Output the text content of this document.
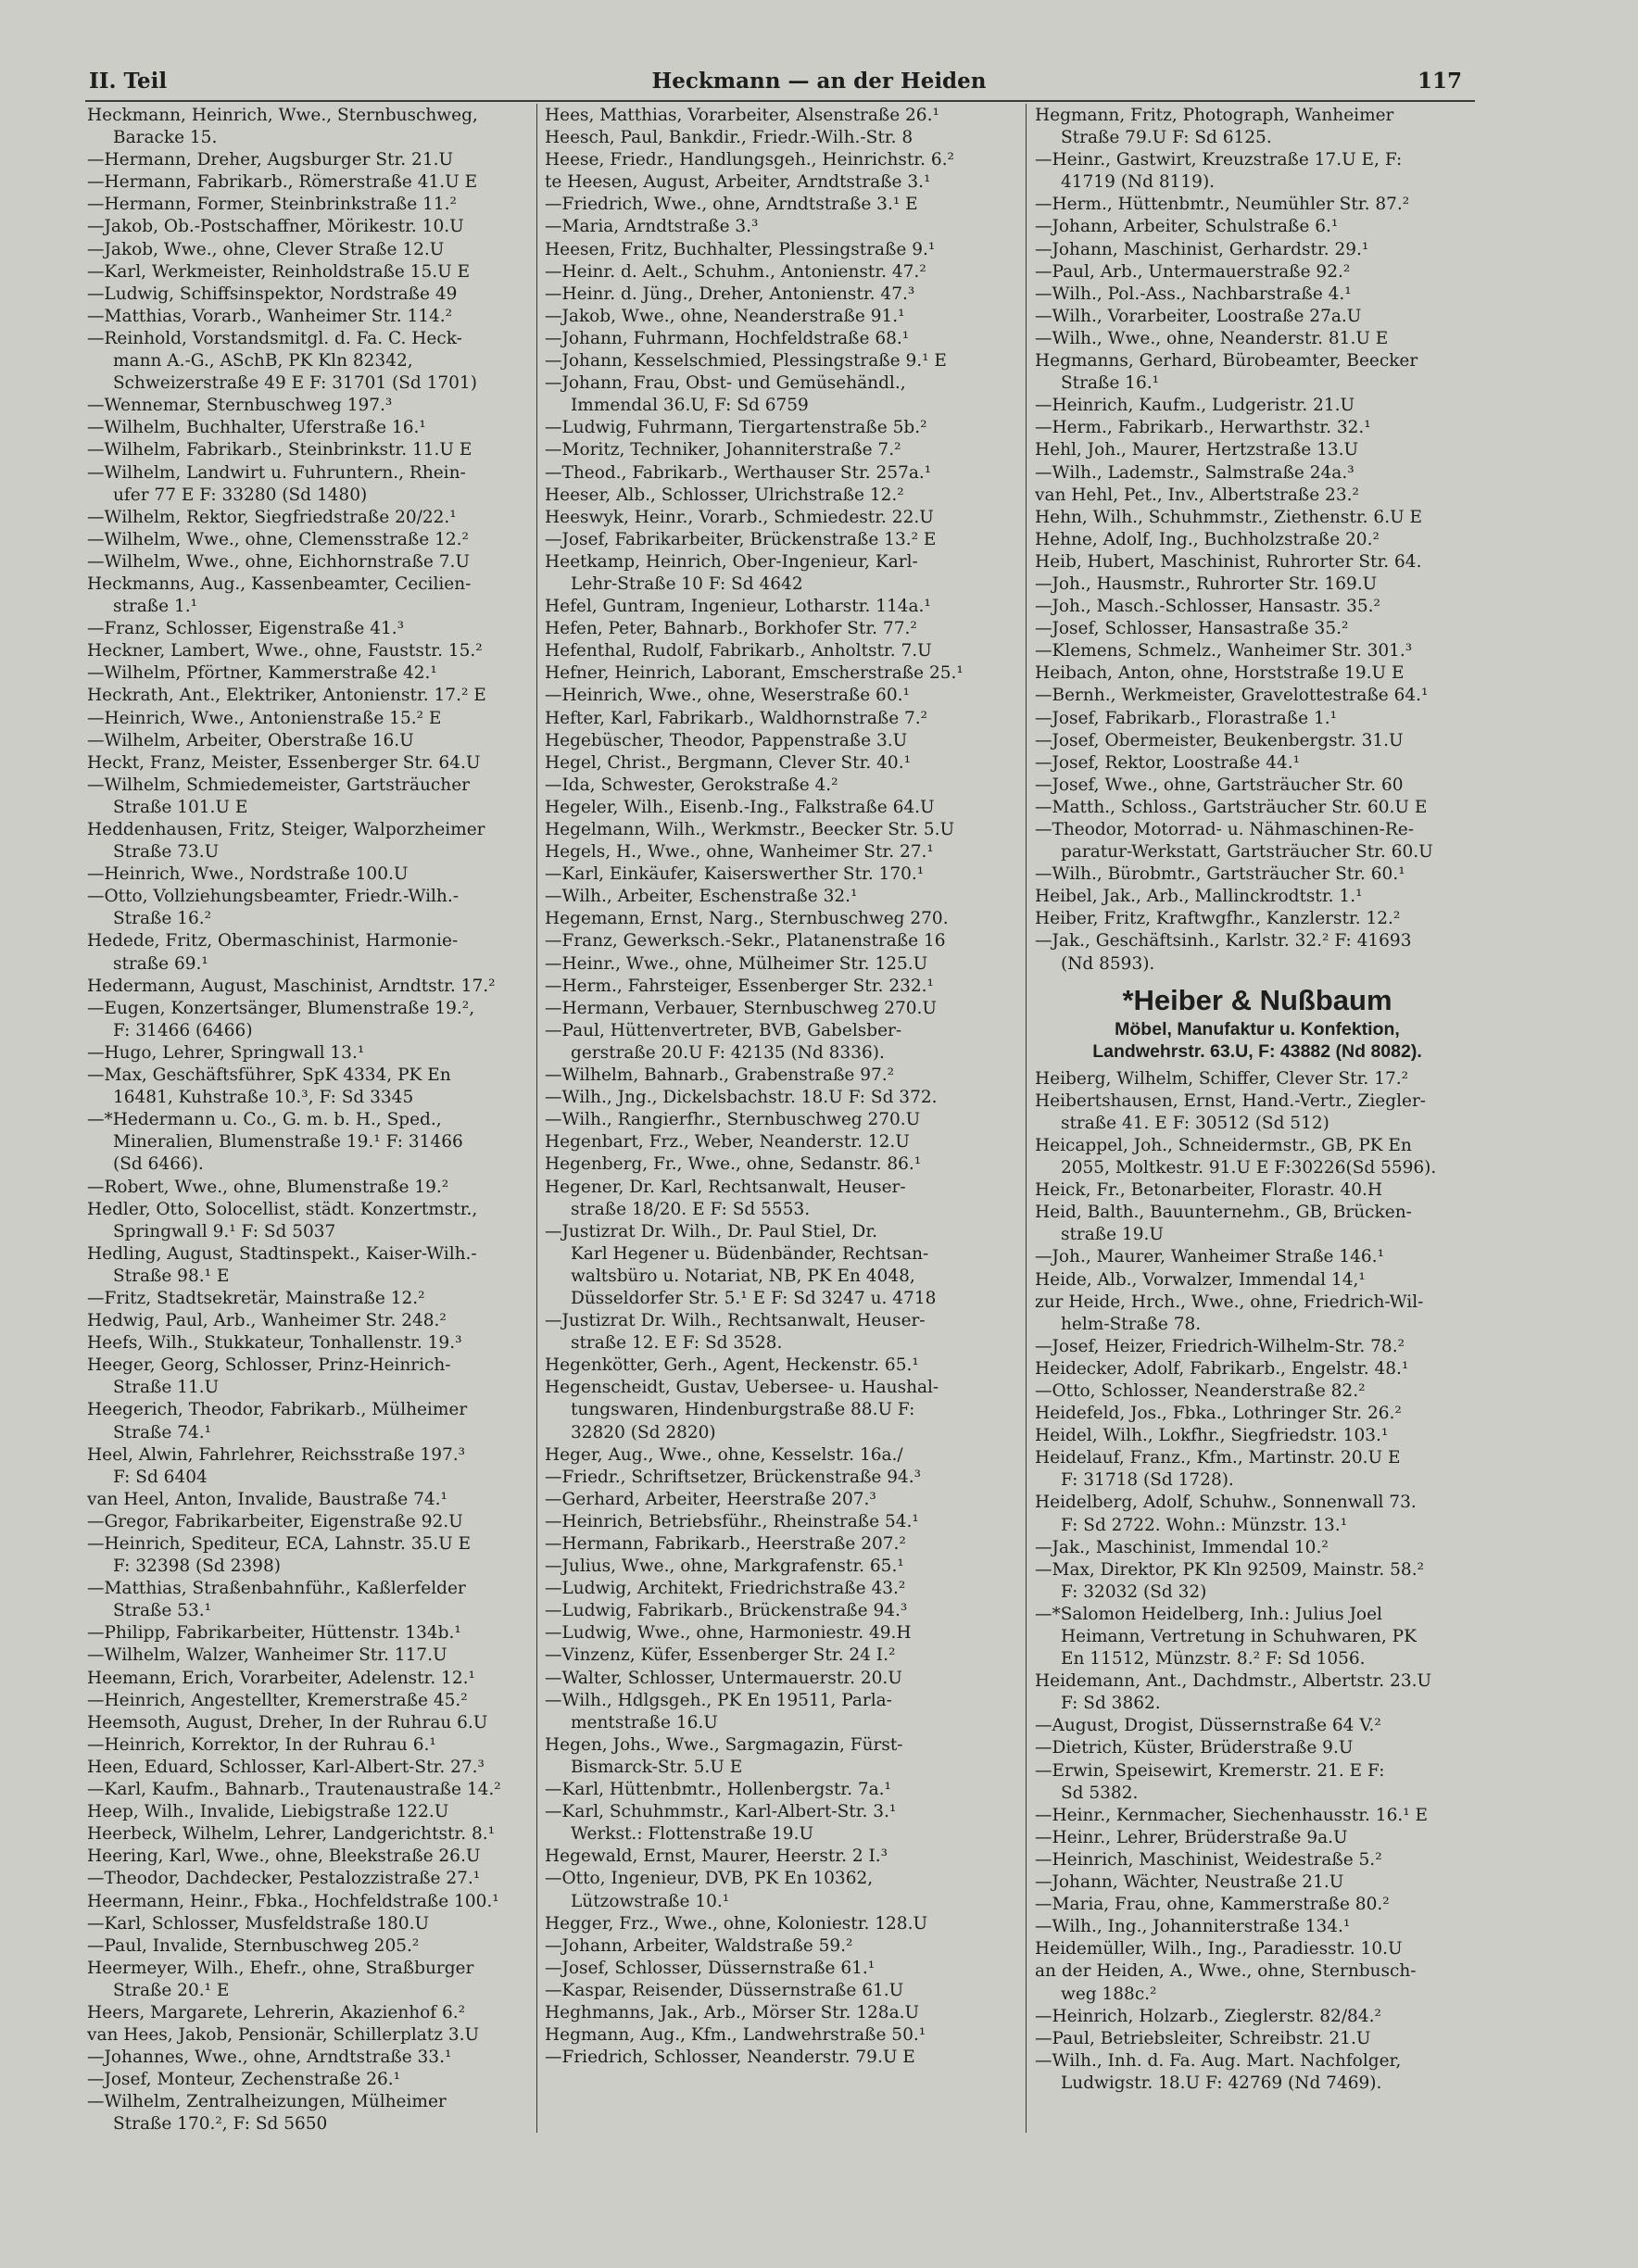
II. Teil	Heckmann — an der Heiden	117
Heckmann, Heinrich, Wwe., Sternbuschweg,
Baracke 15.
—Hermann, Dreher, Augsburger Str. 21.U
—Hermann, Fabrikarb., Römerstraße 41.U E
—Hermann, Former, Steinbrinkstraße 11.²
—Jakob, Ob.-Postschaffner, Mörikestr. 10.U
—Jakob, Wwe., ohne, Clever Straße 12.U
—Karl, Werkmeister, Reinholdstraße 15.U E
—Ludwig, Schiffsinspektor, Nordstraße 49
—Matthias, Vorarb., Wanheimer Str. 114.²
—Reinhold, Vorstandsmitgl. d. Fa. C. Heck-
mann A.-G., ASchB, PK Kln 82342,
Schweizerstraße 49 E F: 31701 (Sd 1701)
—Wennemar, Sternbuschweg 197.³
—Wilhelm, Buchhalter, Uferstraße 16.¹
—Wilhelm, Fabrikarb., Steinbrinkstr. 11.U E
—Wilhelm, Landwirt u. Fuhruntern., Rhein-
ufer 77 E F: 33280 (Sd 1480)
—Wilhelm, Rektor, Siegfriedstraße 20/22.¹
—Wilhelm, Wwe., ohne, Clemensstraße 12.²
—Wilhelm, Wwe., ohne, Eichhornstraße 7.U
Heckmanns, Aug., Kassenbeamter, Cecilien-
straße 1.¹
—Franz, Schlosser, Eigenstraße 41.³
Heckner, Lambert, Wwe., ohne, Fauststr. 15.²
—Wilhelm, Pförtner, Kammerstraße 42.¹
Heckrath, Ant., Elektriker, Antonienstr. 17.² E
—Heinrich, Wwe., Antonienstraße 15.² E
—Wilhelm, Arbeiter, Oberstraße 16.U
Heckt, Franz, Meister, Essenberger Str. 64.U
—Wilhelm, Schmiedemeister, Gartsträucher
Straße 101.U E
Heddenhausen, Fritz, Steiger, Walporzheimer
Straße 73.U
—Heinrich, Wwe., Nordstraße 100.U
—Otto, Vollziehungsbeamter, Friedr.-Wilh.-
Straße 16.²
Hedede, Fritz, Obermaschinist, Harmonie-
straße 69.¹
Hedermann, August, Maschinist, Arndtstr. 17.²
—Eugen, Konzertsänger, Blumenstraße 19.²,
F: 31466 (6466)
—Hugo, Lehrer, Springwall 13.¹
—Max, Geschäftsführer, SpK 4334, PK En
16481, Kuhstraße 10.³, F: Sd 3345
—*Hedermann u. Co., G. m. b. H., Sped.,
Mineralien, Blumenstraße 19.¹ F: 31466
(Sd 6466).
—Robert, Wwe., ohne, Blumenstraße 19.²
Hedler, Otto, Solocellist, städt. Konzertmstr.,
Springwall 9.¹ F: Sd 5037
Hedling, August, Stadtinspekt., Kaiser-Wilh.-
Straße 98.¹ E
—Fritz, Stadtsekretär, Mainstraße 12.²
Hedwig, Paul, Arb., Wanheimer Str. 248.²
Heefs, Wilh., Stukkateur, Tonhallenstr. 19.³
Heeger, Georg, Schlosser, Prinz-Heinrich-
Straße 11.U
Heegerich, Theodor, Fabrikarb., Mülheimer
Straße 74.¹
Heel, Alwin, Fahrlehrer, Reichsstraße 197.³
F: Sd 6404
van Heel, Anton, Invalide, Baustraße 74.¹
—Gregor, Fabrikarbeiter, Eigenstraße 92.U
—Heinrich, Spediteur, ECA, Lahnstr. 35.U E
F: 32398 (Sd 2398)
—Matthias, Straßenbahnführ., Kaßlerfelder
Straße 53.¹
—Philipp, Fabrikarbeiter, Hüttenstr. 134b.¹
—Wilhelm, Walzer, Wanheimer Str. 117.U
Heemann, Erich, Vorarbeiter, Adelenstr. 12.¹
—Heinrich, Angestellter, Kremerstraße 45.²
Heemsoth, August, Dreher, In der Ruhrau 6.U
—Heinrich, Korrektor, In der Ruhrau 6.¹
Heen, Eduard, Schlosser, Karl-Albert-Str. 27.³
—Karl, Kaufm., Bahnarb., Trautenaustraße 14.²
Heep, Wilh., Invalide, Liebigstraße 122.U
Heerbeck, Wilhelm, Lehrer, Landgerichtstr. 8.¹
Heering, Karl, Wwe., ohne, Bleekstraße 26.U
—Theodor, Dachdecker, Pestalozzistraße 27.¹
Heermann, Heinr., Fbka., Hochfeldstraße 100.¹
—Karl, Schlosser, Musfeldstraße 180.U
—Paul, Invalide, Sternbuschweg 205.²
Heermeyer, Wilh., Ehefr., ohne, Straßburger
Straße 20.¹ E
Heers, Margarete, Lehrerin, Akazienhof 6.²
van Hees, Jakob, Pensionär, Schillerplatz 3.U
—Johannes, Wwe., ohne, Arndtstraße 33.¹
—Josef, Monteur, Zechenstraße 26.¹
—Wilhelm, Zentralheizungen, Mülheimer
Straße 170.², F: Sd 5650
Hees, Matthias, Vorarbeiter, Alsenstraße 26.¹
Heesch, Paul, Bankdir., Friedr.-Wilh.-Str. 8
Heese, Friedr., Handlungsgeh., Heinrichstr. 6.²
te Heesen, August, Arbeiter, Arndtstraße 3.¹
—Friedrich, Wwe., ohne, Arndtstraße 3.¹ E
—Maria, Arndtstraße 3.³
Heesen, Fritz, Buchhalter, Plessingstraße 9.¹
—Heinr. d. Aelt., Schuhm., Antonienstr. 47.²
—Heinr. d. Jüng., Dreher, Antonienstr. 47.³
—Jakob, Wwe., ohne, Neanderstraße 91.¹
—Johann, Fuhrmann, Hochfeldstraße 68.¹
—Johann, Kesselschmied, Plessingstraße 9.¹ E
—Johann, Frau, Obst- und Gemüsehändl.,
Immendal 36.U, F: Sd 6759
—Ludwig, Fuhrmann, Tiergartenstraße 5b.²
—Moritz, Techniker, Johanniterstraße 7.²
—Theod., Fabrikarb., Werthauser Str. 257a.¹
Heeser, Alb., Schlosser, Ulrichstraße 12.²
Heeswyk, Heinr., Vorarb., Schmiedestr. 22.U
—Josef, Fabrikarbeiter, Brückenstraße 13.² E
Heetkamp, Heinrich, Ober-Ingenieur, Karl-
Lehr-Straße 10 F: Sd 4642
Hefel, Guntram, Ingenieur, Lotharstr. 114a.¹
Hefen, Peter, Bahnarb., Borkhofer Str. 77.²
Hefenthal, Rudolf, Fabrikarb., Anholtstr. 7.U
Hefner, Heinrich, Laborant, Emscherstraße 25.¹
—Heinrich, Wwe., ohne, Weserstraße 60.¹
Hefter, Karl, Fabrikarb., Waldhornstraße 7.²
Hegebüscher, Theodor, Pappenstraße 3.U
Hegel, Christ., Bergmann, Clever Str. 40.¹
—Ida, Schwester, Gerokstraße 4.²
Hegeler, Wilh., Eisenb.-Ing., Falkstraße 64.U
Hegelmann, Wilh., Werkmstr., Beecker Str. 5.U
Hegels, H., Wwe., ohne, Wanheimer Str. 27.¹
—Karl, Einkäufer, Kaiserswerther Str. 170.¹
—Wilh., Arbeiter, Eschenstraße 32.¹
Hegemann, Ernst, Narg., Sternbuschweg 270.
—Franz, Gewerksch.-Sekr., Platanenstraße 16
—Heinr., Wwe., ohne, Mülheimer Str. 125.U
—Herm., Fahrsteiger, Essenberger Str. 232.¹
—Hermann, Verbauer, Sternbuschweg 270.U
—Paul, Hüttenvertreter, BVB, Gabelsber-
gerstraße 20.U F: 42135 (Nd 8336).
—Wilhelm, Bahnarb., Grabenstraße 97.²
—Wilh., Jng., Dickelsbachstr. 18.U F: Sd 372.
—Wilh., Rangierfhr., Sternbuschweg 270.U
Hegenbart, Frz., Weber, Neanderstr. 12.U
Hegenberg, Fr., Wwe., ohne, Sedanstr. 86.¹
Hegener, Dr. Karl, Rechtsanwalt, Heuser-
straße 18/20. E F: Sd 5553.
—Justizrat Dr. Wilh., Dr. Paul Stiel, Dr.
Karl Hegener u. Büdenbänder, Rechtsan-
waltsbüro u. Notariat, NB, PK En 4048,
Düsseldorfer Str. 5.¹ E F: Sd 3247 u. 4718
—Justizrat Dr. Wilh., Rechtsanwalt, Heuser-
straße 12. E F: Sd 3528.
Hegenkötter, Gerh., Agent, Heckenstr. 65.¹
Hegenscheidt, Gustav, Uebersee- u. Haushal-
tungswaren, Hindenburgstraße 88.U F:
32820 (Sd 2820)
Heger, Aug., Wwe., ohne, Kesselstr. 16a./
—Friedr., Schriftsetzer, Brückenstraße 94.³
—Gerhard, Arbeiter, Heerstraße 207.³
—Heinrich, Betriebsführ., Rheinstraße 54.¹
—Hermann, Fabrikarb., Heerstraße 207.²
—Julius, Wwe., ohne, Markgrafenstr. 65.¹
—Ludwig, Architekt, Friedrichstraße 43.²
—Ludwig, Fabrikarb., Brückenstraße 94.³
—Ludwig, Wwe., ohne, Harmoniestr. 49.H
—Vinzenz, Küfer, Essenberger Str. 24 I.²
—Walter, Schlosser, Untermauerstr. 20.U
—Wilh., Hdlgsgeh., PK En 19511, Parla-
mentstraße 16.U
Hegen, Johs., Wwe., Sargmagazin, Fürst-
Bismarck-Str. 5.U E
—Karl, Hüttenbmtr., Hollenbergstr. 7a.¹
—Karl, Schuhmmstr., Karl-Albert-Str. 3.¹
Werkst.: Flottenstraße 19.U
Hegewald, Ernst, Maurer, Heerstr. 2 I.³
—Otto, Ingenieur, DVB, PK En 10362,
Lützowstraße 10.¹
Hegger, Frz., Wwe., ohne, Koloniestr. 128.U
—Johann, Arbeiter, Waldstraße 59.²
—Josef, Schlosser, Düssernstraße 61.¹
—Kaspar, Reisender, Düssernstraße 61.U
Heghmanns, Jak., Arb., Mörser Str. 128a.U
Hegmann, Aug., Kfm., Landwehrstraße 50.¹
—Friedrich, Schlosser, Neanderstr. 79.U E
Hegmann, Fritz, Photograph, Wanheimer
Straße 79.U F: Sd 6125.
—Heinr., Gastwirt, Kreuzstraße 17.U E, F:
41719 (Nd 8119).
—Herm., Hüttenbmtr., Neumühler Str. 87.²
—Johann, Arbeiter, Schulstraße 6.¹
—Johann, Maschinist, Gerhardstr. 29.¹
—Paul, Arb., Untermauerstraße 92.²
—Wilh., Pol.-Ass., Nachbarstraße 4.¹
—Wilh., Vorarbeiter, Loostraße 27a.U
—Wilh., Wwe., ohne, Neanderstr. 81.U E
Hegmanns, Gerhard, Bürobeamter, Beecker
Straße 16.¹
—Heinrich, Kaufm., Ludgeristr. 21.U
—Herm., Fabrikarb., Herwarthstr. 32.¹
Hehl, Joh., Maurer, Hertzstraße 13.U
—Wilh., Lademstr., Salmstraße 24a.³
van Hehl, Pet., Inv., Albertstraße 23.²
Hehn, Wilh., Schuhmmstr., Ziethenstr. 6.U E
Hehne, Adolf, Ing., Buchholzstraße 20.²
Heib, Hubert, Maschinist, Ruhrorter Str. 64.
—Joh., Hausmstr., Ruhrorter Str. 169.U
—Joh., Masch.-Schlosser, Hansastr. 35.²
—Josef, Schlosser, Hansastraße 35.²
—Klemens, Schmelz., Wanheimer Str. 301.³
Heibach, Anton, ohne, Horststraße 19.U E
—Bernh., Werkmeister, Gravelottestraße 64.¹
—Josef, Fabrikarb., Florastraße 1.¹
—Josef, Obermeister, Beukenbergstr. 31.U
—Josef, Rektor, Loostraße 44.¹
—Josef, Wwe., ohne, Gartsträucher Str. 60
—Matth., Schloss., Gartsträucher Str. 60.U E
—Theodor, Motorrad- u. Nähmaschinen-Re-
paratur-Werkstatt, Gartsträucher Str. 60.U
—Wilh., Bürobmtr., Gartsträucher Str. 60.¹
Heibel, Jak., Arb., Mallinckrodtstr. 1.¹
Heiber, Fritz, Kraftwgfhr., Kanzlerstr. 12.²
—Jak., Geschäftsinh., Karlstr. 32.² F: 41693
(Nd 8593).
*Heiber & Nußbaum
Möbel, Manufaktur u. Konfektion,
Landwehrstr. 63.U, F: 43882 (Nd 8082).
Heiberg, Wilhelm, Schiffer, Clever Str. 17.²
Heibertshausen, Ernst, Hand.-Vertr., Ziegler-
straße 41. E F: 30512 (Sd 512)
Heicappel, Joh., Schneidermstr., GB, PK En
2055, Moltkestr. 91.U E F:30226(Sd 5596).
Heick, Fr., Betonarbeiter, Florastr. 40.H
Heid, Balth., Bauunternehm., GB, Brücken-
straße 19.U
—Joh., Maurer, Wanheimer Straße 146.¹
Heide, Alb., Vorwalzer, Immendal 14,¹
zur Heide, Hrch., Wwe., ohne, Friedrich-Wil-
helm-Straße 78.
—Josef, Heizer, Friedrich-Wilhelm-Str. 78.²
Heidecker, Adolf, Fabrikarb., Engelstr. 48.¹
—Otto, Schlosser, Neanderstraße 82.²
Heidefeld, Jos., Fbka., Lothringer Str. 26.²
Heidel, Wilh., Lokfhr., Siegfriedstr. 103.¹
Heidelauf, Franz., Kfm., Martinstr. 20.U E
F: 31718 (Sd 1728).
Heidelberg, Adolf, Schuhw., Sonnenwall 73.
F: Sd 2722. Wohn.: Münzstr. 13.¹
—Jak., Maschinist, Immendal 10.²
—Max, Direktor, PK Kln 92509, Mainstr. 58.²
F: 32032 (Sd 32)
—*Salomon Heidelberg, Inh.: Julius Joel
Heimann, Vertretung in Schuhwaren, PK
En 11512, Münzstr. 8.² F: Sd 1056.
Heidemann, Ant., Dachdmstr., Albertstr. 23.U
F: Sd 3862.
—August, Drogist, Düssernstraße 64 V.²
—Dietrich, Küster, Brüderstraße 9.U
—Erwin, Speisewirt, Kremerstr. 21. E F:
Sd 5382.
—Heinr., Kernmacher, Siechenhausstr. 16.¹ E
—Heinr., Lehrer, Brüderstraße 9a.U
—Heinrich, Maschinist, Weidestraße 5.²
—Johann, Wächter, Neustraße 21.U
—Maria, Frau, ohne, Kammerstraße 80.²
—Wilh., Ing., Johanniterstraße 134.¹
Heidemüller, Wilh., Ing., Paradiesstr. 10.U
an der Heiden, A., Wwe., ohne, Sternbusch-
weg 188c.²
—Heinrich, Holzarb., Zieglerstr. 82/84.²
—Paul, Betriebsleiter, Schreibstr. 21.U
—Wilh., Inh. d. Fa. Aug. Mart. Nachfolger,
Ludwigstr. 18.U F: 42769 (Nd 7469).
